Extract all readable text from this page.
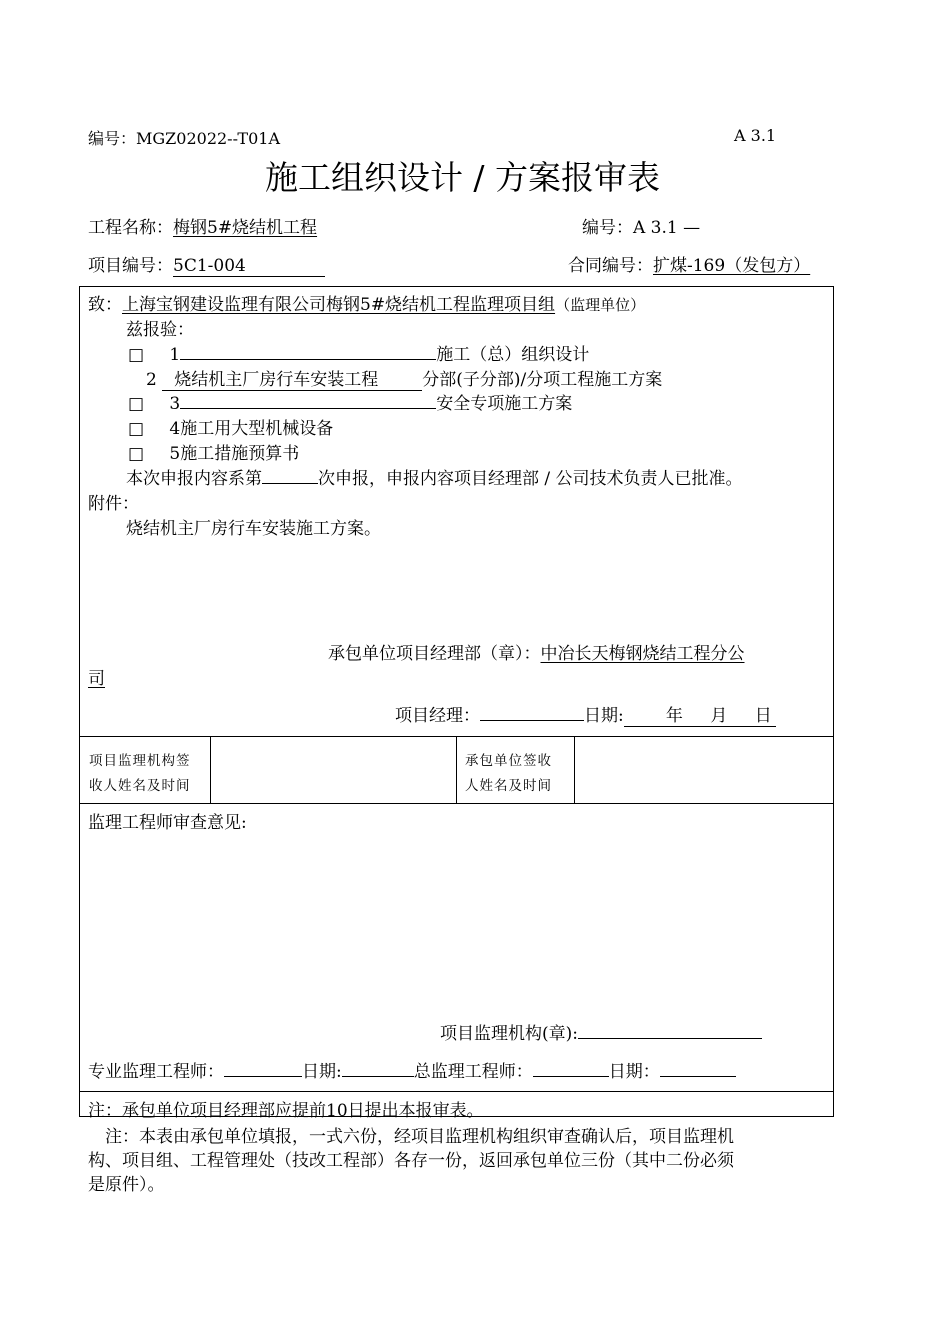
编号：MGZ02022--T01A	A 3.1
施工组织设计 / 方案报审表
工程名称：梅钢5#烧结机工程	编号：A 3.1 —
项目编号：5C1-004	合同编号：扩煤-169（发包方）
致：上海宝钢建设监理有限公司梅钢5#烧结机工程监理项目组（监理单位）
兹报验：
□ 1	施工（总）组织设计
2 烧结机主厂房行车安装工程	分部(子分部)/分项工程施工方案
□ 3	安全专项施工方案
□ 4施工用大型机械设备
□ 5施工措施预算书
本次申报内容系第	次申报，申报内容项目经理部 / 公司技术负责人已批准。
附件：
烧结机主厂房行车安装施工方案。
承包单位项目经理部（章）：中冶长天梅钢烧结工程分公
司
项目经理：	日期: 年 月 日
项目监理机构签
收人姓名及时间
承包单位签收
人姓名及时间
监理工程师审查意见:
项目监理机构(章):
专业监理工程师：	日期:	总监理工程师：	日期：
注：承包单位项目经理部应提前10日提出本报审表。
注：本表由承包单位填报，一式六份，经项目监理机构组织审查确认后，项目监理机
构、项目组、工程管理处（技改工程部）各存一份，返回承包单位三份（其中二份必须
是原件）。
